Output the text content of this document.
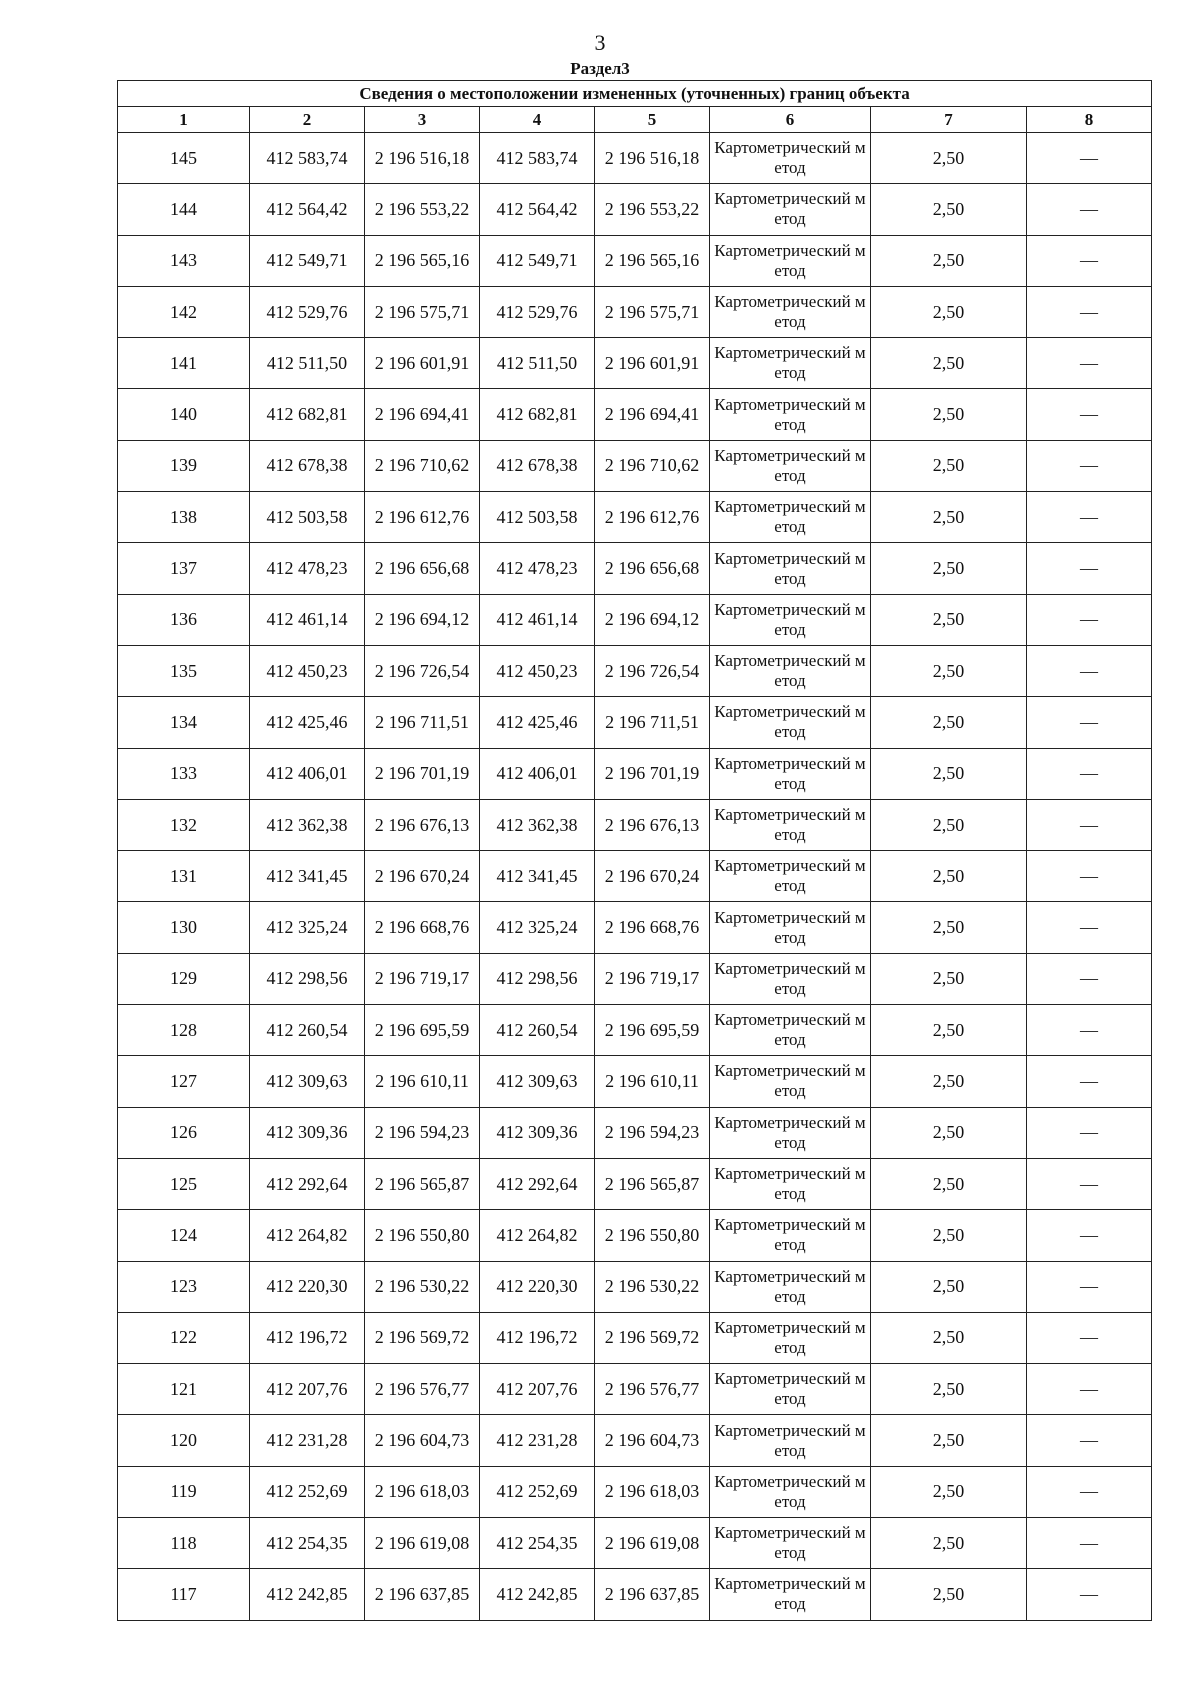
3
Раздел3
Сведения о местоположении измененных (уточненных) границ объекта							
1	2	3	4	5	6	7	8
145	412 583,74	2 196 516,18	412 583,74	2 196 516,18	Картометрический метод	2,50	—
144	412 564,42	2 196 553,22	412 564,42	2 196 553,22	Картометрический метод	2,50	—
143	412 549,71	2 196 565,16	412 549,71	2 196 565,16	Картометрический метод	2,50	—
142	412 529,76	2 196 575,71	412 529,76	2 196 575,71	Картометрический метод	2,50	—
141	412 511,50	2 196 601,91	412 511,50	2 196 601,91	Картометрический метод	2,50	—
140	412 682,81	2 196 694,41	412 682,81	2 196 694,41	Картометрический метод	2,50	—
139	412 678,38	2 196 710,62	412 678,38	2 196 710,62	Картометрический метод	2,50	—
138	412 503,58	2 196 612,76	412 503,58	2 196 612,76	Картометрический метод	2,50	—
137	412 478,23	2 196 656,68	412 478,23	2 196 656,68	Картометрический метод	2,50	—
136	412 461,14	2 196 694,12	412 461,14	2 196 694,12	Картометрический метод	2,50	—
135	412 450,23	2 196 726,54	412 450,23	2 196 726,54	Картометрический метод	2,50	—
134	412 425,46	2 196 711,51	412 425,46	2 196 711,51	Картометрический метод	2,50	—
133	412 406,01	2 196 701,19	412 406,01	2 196 701,19	Картометрический метод	2,50	—
132	412 362,38	2 196 676,13	412 362,38	2 196 676,13	Картометрический метод	2,50	—
131	412 341,45	2 196 670,24	412 341,45	2 196 670,24	Картометрический метод	2,50	—
130	412 325,24	2 196 668,76	412 325,24	2 196 668,76	Картометрический метод	2,50	—
129	412 298,56	2 196 719,17	412 298,56	2 196 719,17	Картометрический метод	2,50	—
128	412 260,54	2 196 695,59	412 260,54	2 196 695,59	Картометрический метод	2,50	—
127	412 309,63	2 196 610,11	412 309,63	2 196 610,11	Картометрический метод	2,50	—
126	412 309,36	2 196 594,23	412 309,36	2 196 594,23	Картометрический метод	2,50	—
125	412 292,64	2 196 565,87	412 292,64	2 196 565,87	Картометрический метод	2,50	—
124	412 264,82	2 196 550,80	412 264,82	2 196 550,80	Картометрический метод	2,50	—
123	412 220,30	2 196 530,22	412 220,30	2 196 530,22	Картометрический метод	2,50	—
122	412 196,72	2 196 569,72	412 196,72	2 196 569,72	Картометрический метод	2,50	—
121	412 207,76	2 196 576,77	412 207,76	2 196 576,77	Картометрический метод	2,50	—
120	412 231,28	2 196 604,73	412 231,28	2 196 604,73	Картометрический метод	2,50	—
119	412 252,69	2 196 618,03	412 252,69	2 196 618,03	Картометрический метод	2,50	—
118	412 254,35	2 196 619,08	412 254,35	2 196 619,08	Картометрический метод	2,50	—
117	412 242,85	2 196 637,85	412 242,85	2 196 637,85	Картометрический метод	2,50	—
